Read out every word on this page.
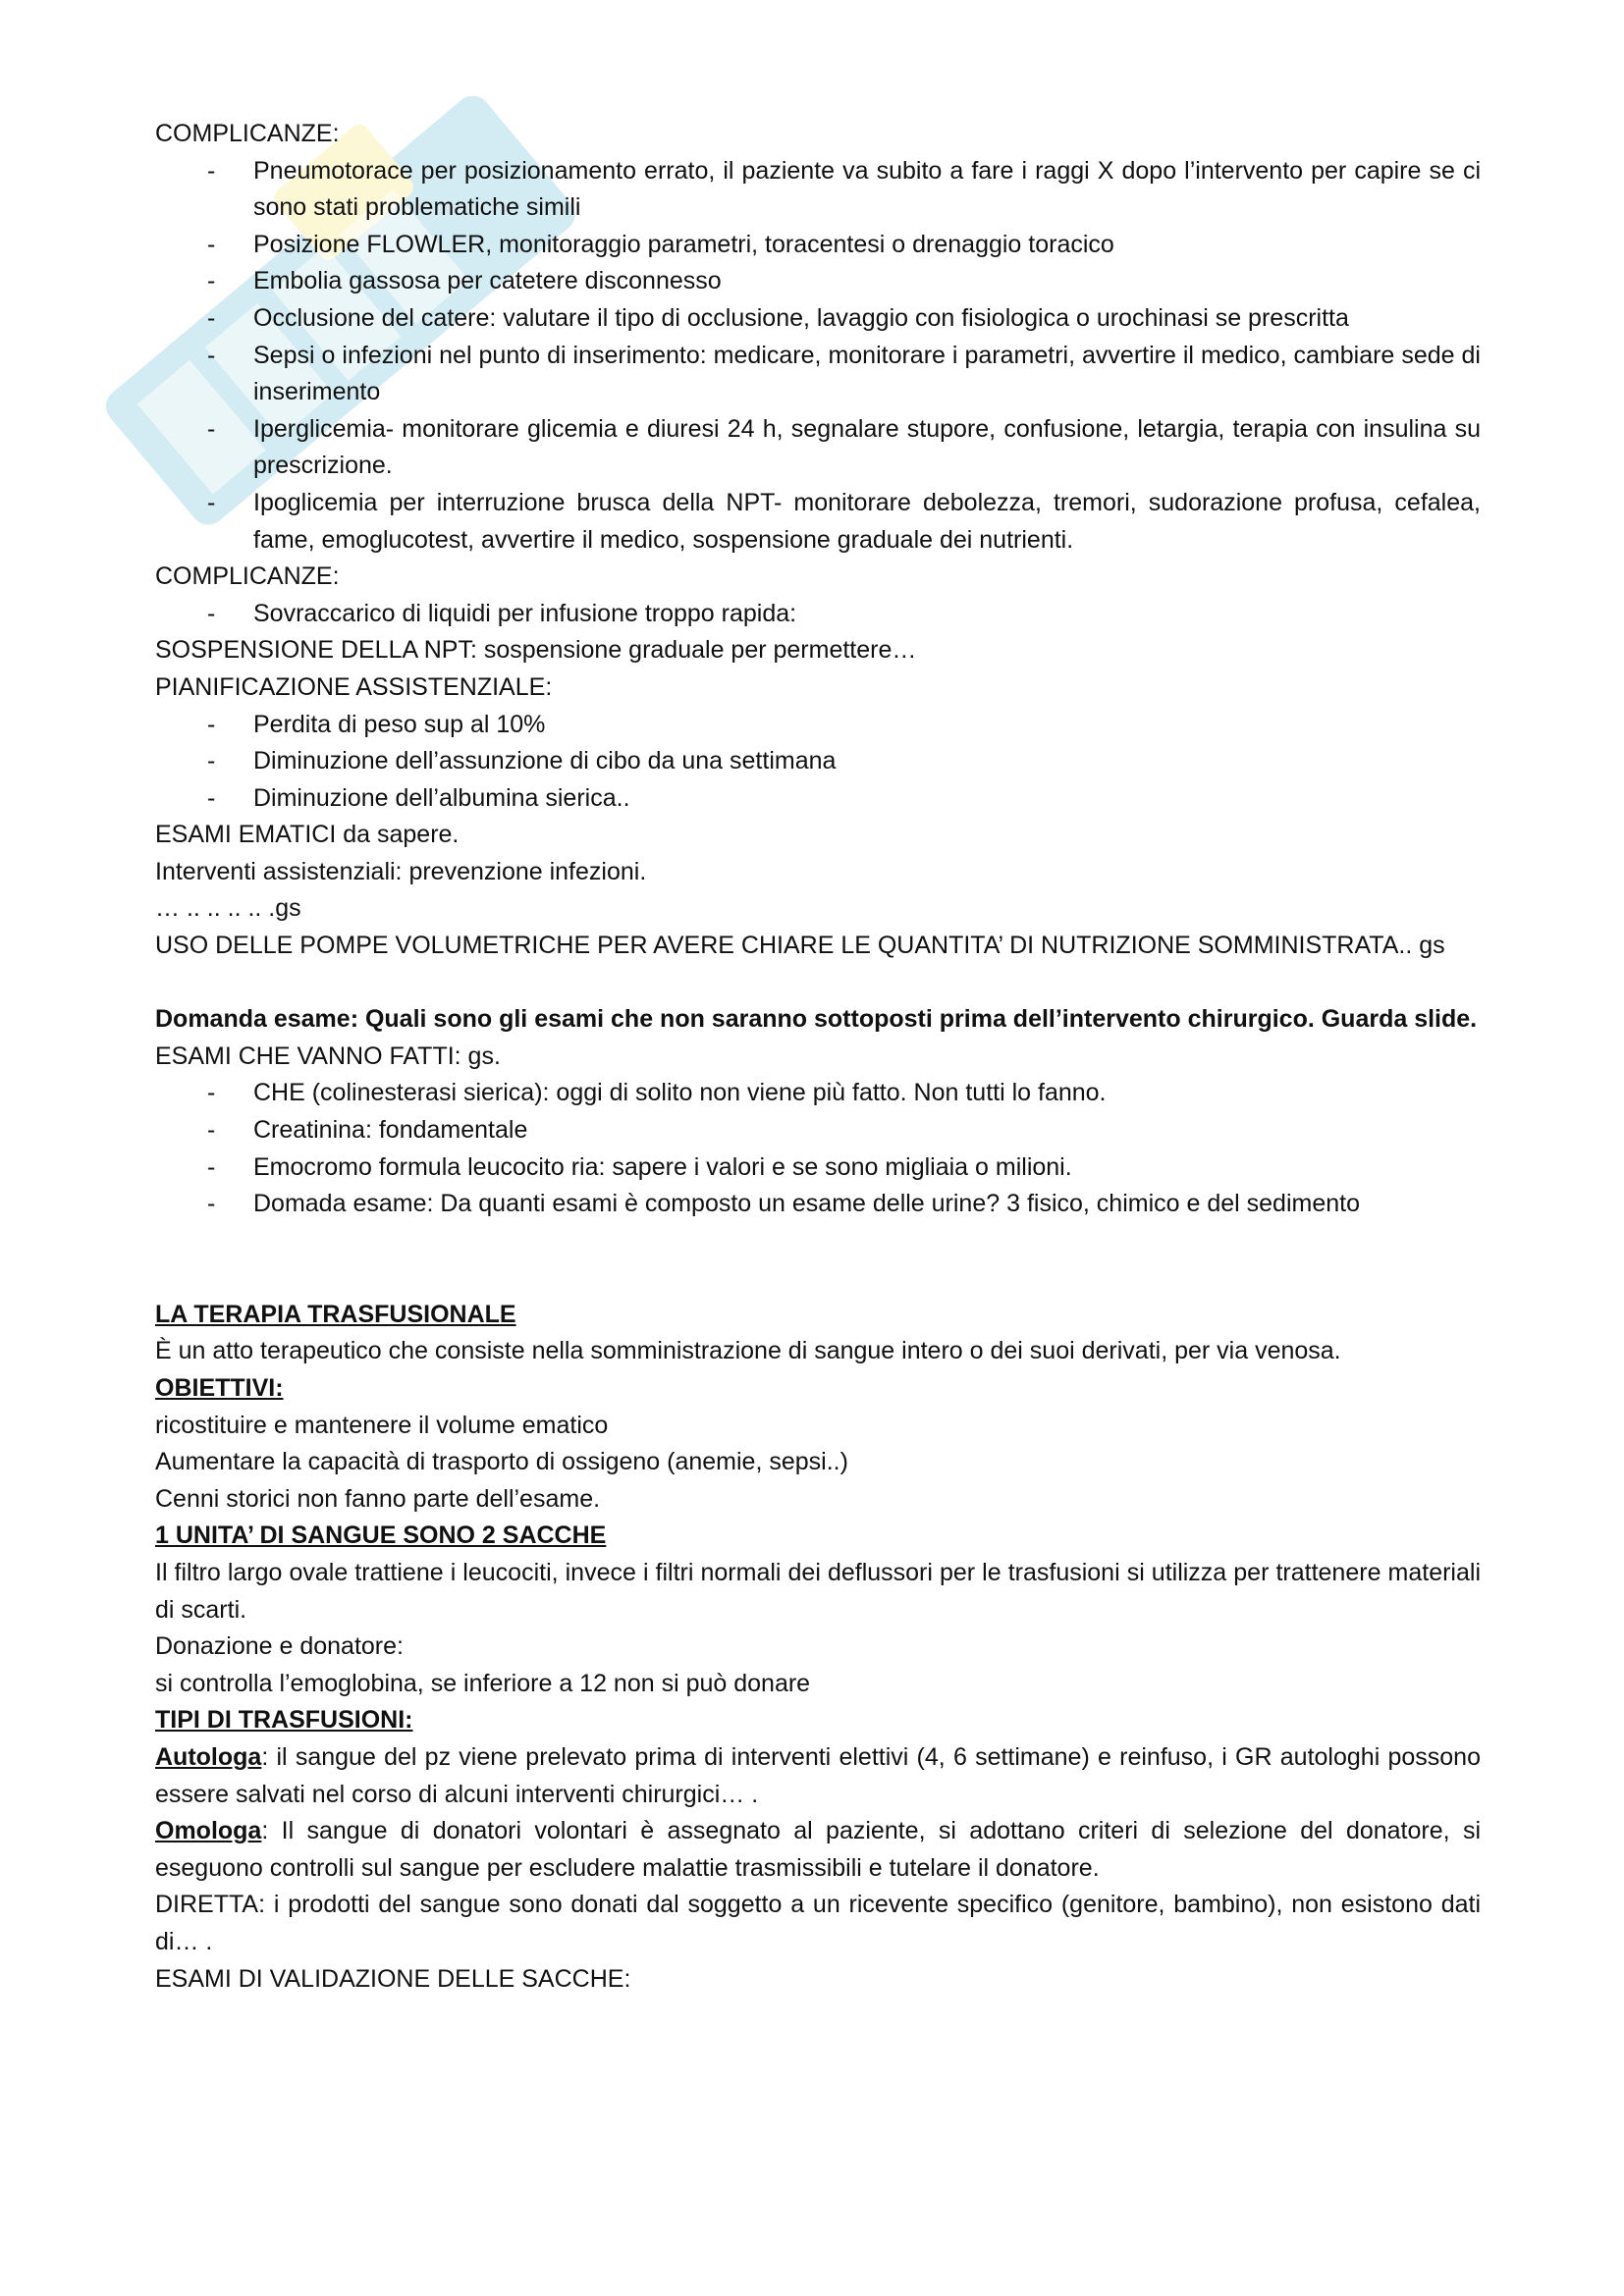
COMPLICANZE:

- Pneumotorace per posizionamento errato, il paziente va subito a fare i raggi X dopo l’intervento per capire se ci sono stati problematiche simili

- Posizione FLOWLER, monitoraggio parametri, toracentesi o drenaggio toracico

- Embolia gassosa per catetere disconnesso

- Occlusione del catere: valutare il tipo di occlusione, lavaggio con fisiologica o urochinasi se prescritta

- Sepsi o infezioni nel punto di inserimento: medicare, monitorare i parametri, avvertire il medico, cambiare sede di inserimento

- Iperglicemia- monitorare glicemia e diuresi 24 h, segnalare stupore, confusione, letargia, terapia con insulina su prescrizione.

- Ipoglicemia per interruzione brusca della NPT- monitorare debolezza, tremori, sudorazione profusa, cefalea, fame, emoglucotest, avvertire il medico, sospensione graduale dei nutrienti.

COMPLICANZE:

- Sovraccarico di liquidi per infusione troppo rapida:

SOSPENSIONE DELLA NPT: sospensione graduale per permettere…

PIANIFICAZIONE ASSISTENZIALE:

- Perdita di peso sup al 10%

- Diminuzione dell’assunzione di cibo da una settimana

- Diminuzione dell’albumina sierica..

ESAMI EMATICI da sapere.

Interventi assistenziali: prevenzione infezioni.

… .. .. .. .. .gs

USO DELLE POMPE VOLUMETRICHE PER AVERE CHIARE LE QUANTITA’ DI NUTRIZIONE SOMMINISTRATA.. gs

Domanda esame: Quali sono gli esami che non saranno sottoposti prima dell’intervento chirurgico. Guarda slide.

ESAMI CHE VANNO FATTI: gs.

- CHE (colinesterasi sierica): oggi di solito non viene più fatto. Non tutti lo fanno.

- Creatinina: fondamentale

- Emocromo formula leucocito ria: sapere i valori e se sono migliaia o milioni.

- Domada esame: Da quanti esami è composto un esame delle urine? 3 fisico, chimico e del sedimento

LA TERAPIA TRASFUSIONALE

È un atto terapeutico che consiste nella somministrazione di sangue intero o dei suoi derivati, per via venosa.

OBIETTIVI:

ricostituire e mantenere il volume ematico

Aumentare la capacità di trasporto di ossigeno (anemie, sepsi..)

Cenni storici non fanno parte dell’esame.

1 UNITA’ DI SANGUE SONO 2 SACCHE

Il filtro largo ovale trattiene i leucociti, invece i filtri normali dei deflussori per le trasfusioni si utilizza per trattenere materiali di scarti.

Donazione e donatore:

si controlla l’emoglobina, se inferiore a 12 non si può donare

TIPI DI TRASFUSIONI:

Autologa: il sangue del pz viene prelevato prima di interventi elettivi (4, 6 settimane) e reinfuso, i GR autologhi possono essere salvati nel corso di alcuni interventi chirurgici… .

Omologa: Il sangue di donatori volontari è assegnato al paziente, si adottano criteri di selezione del donatore, si eseguono controlli sul sangue per escludere malattie trasmissibili e tutelare il donatore.

DIRETTA: i prodotti del sangue sono donati dal soggetto a un ricevente specifico (genitore, bambino), non esistono dati di… .

ESAMI DI VALIDAZIONE DELLE SACCHE:
